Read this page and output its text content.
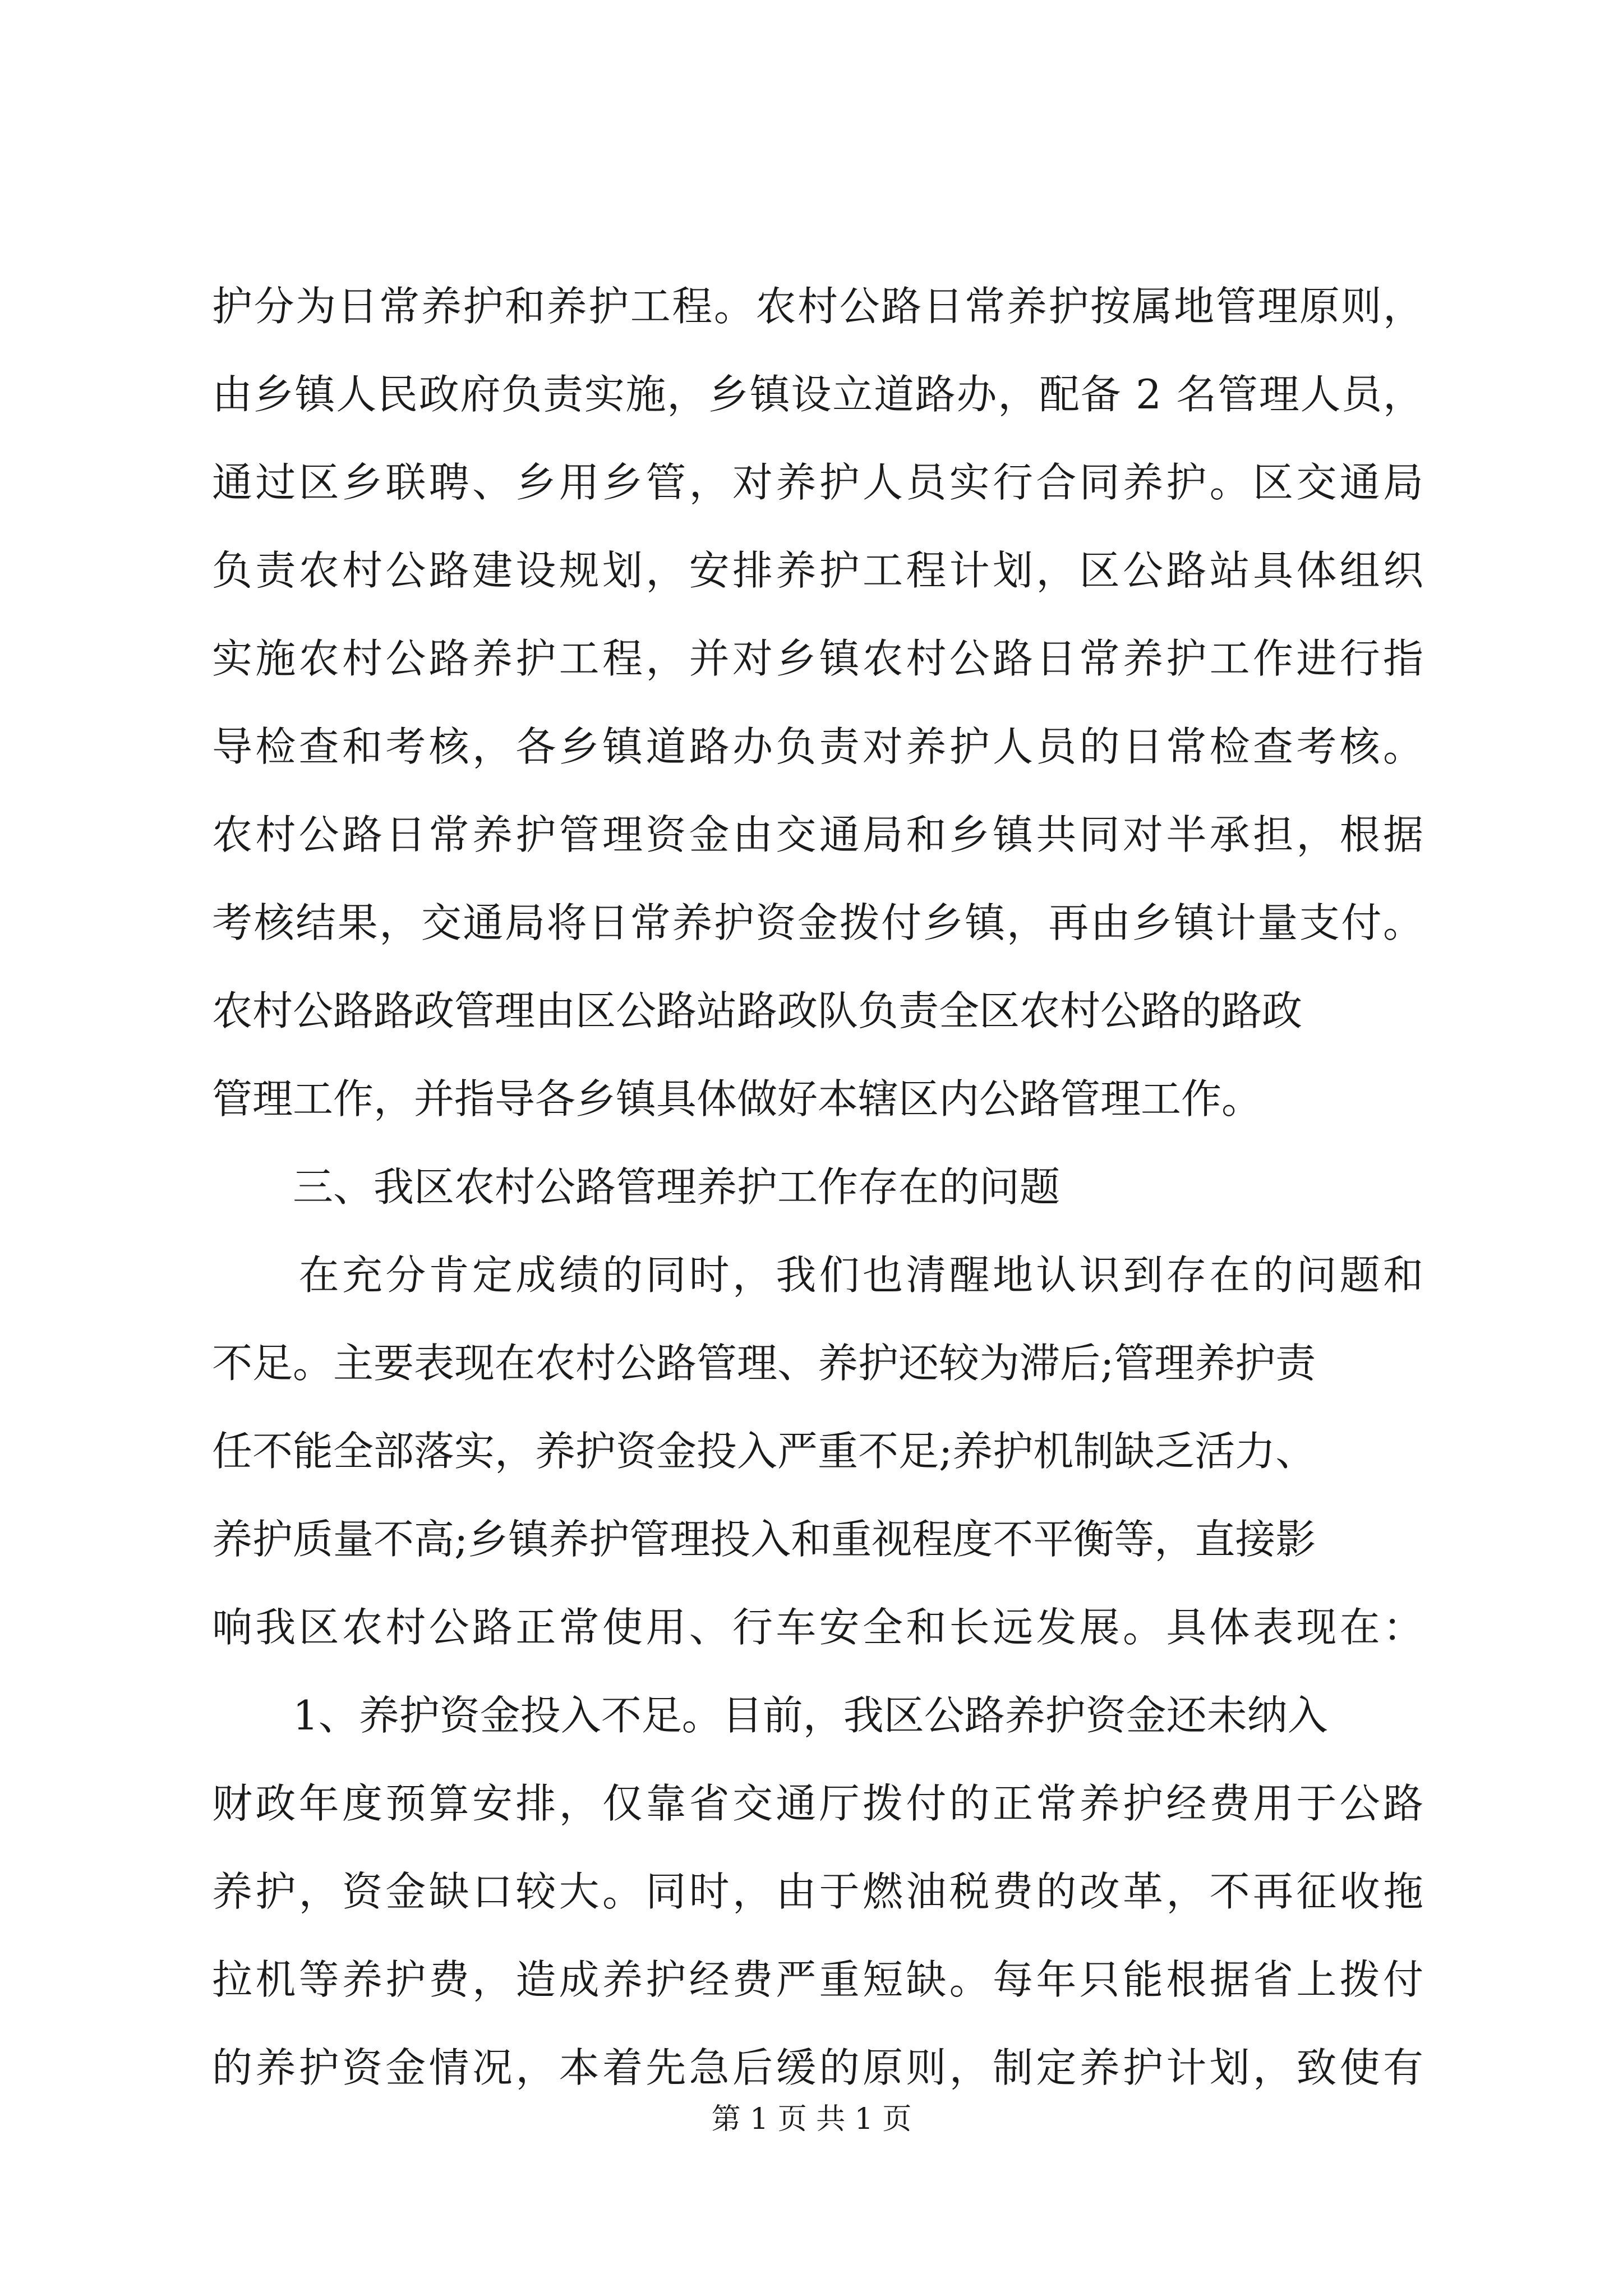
护分为日常养护和养护工程。农村公路日常养护按属地管理原则，
由乡镇人民政府负责实施，乡镇设立道路办，配备 2 名管理人员，
通过区乡联聘、乡用乡管，对养护人员实行合同养护。区交通局
负责农村公路建设规划，安排养护工程计划，区公路站具体组织
实施农村公路养护工程，并对乡镇农村公路日常养护工作进行指
导检查和考核，各乡镇道路办负责对养护人员的日常检查考核。
农村公路日常养护管理资金由交通局和乡镇共同对半承担，根据
考核结果，交通局将日常养护资金拨付乡镇，再由乡镇计量支付。
农村公路路政管理由区公路站路政队负责全区农村公路的路政
管理工作，并指导各乡镇具体做好本辖区内公路管理工作。
　　三、我区农村公路管理养护工作存在的问题
　　在充分肯定成绩的同时，我们也清醒地认识到存在的问题和
不足。主要表现在农村公路管理、养护还较为滞后;管理养护责
任不能全部落实，养护资金投入严重不足;养护机制缺乏活力、
养护质量不高;乡镇养护管理投入和重视程度不平衡等，直接影
响我区农村公路正常使用、行车安全和长远发展。具体表现在：
　　1、养护资金投入不足。目前，我区公路养护资金还未纳入
财政年度预算安排，仅靠省交通厅拨付的正常养护经费用于公路
养护，资金缺口较大。同时，由于燃油税费的改革，不再征收拖
拉机等养护费，造成养护经费严重短缺。每年只能根据省上拨付
的养护资金情况，本着先急后缓的原则，制定养护计划，致使有
第 1 页 共 1 页
